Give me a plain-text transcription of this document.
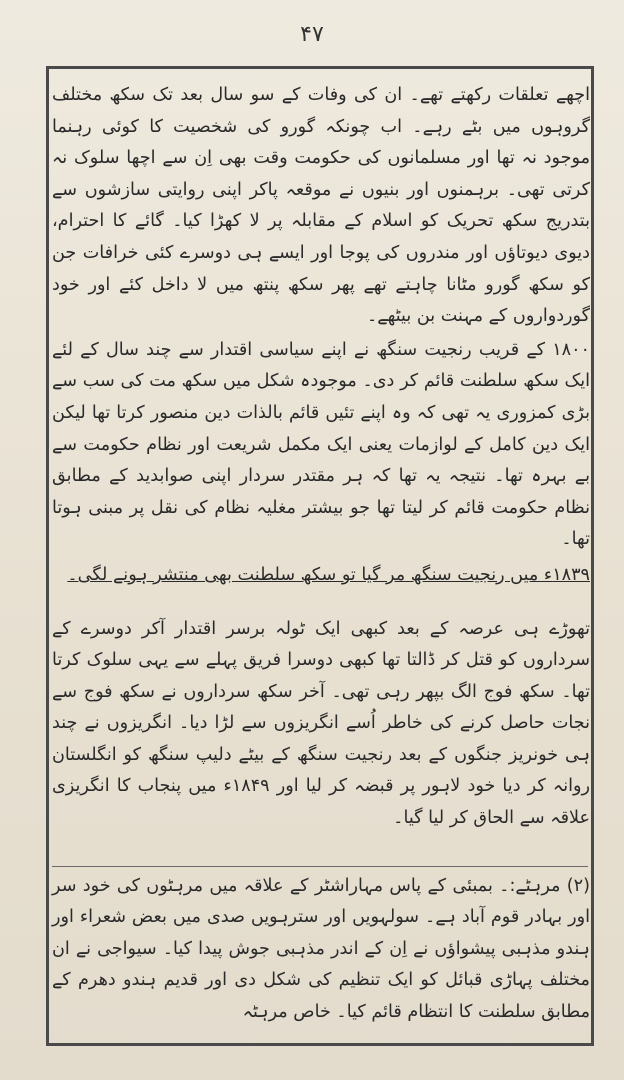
۴۷

اچھے تعلقات رکھتے تھے۔ ان کی وفات کے سو سال بعد تک سکھ مختلف گروہوں میں بٹے رہے۔ اب چونکہ گورو کی شخصیت کا کوئی رہنما موجود نہ تھا اور مسلمانوں کی حکومت وقت بھی اِن سے اچھا سلوک نہ کرتی تھی۔ برہمنوں اور بنیوں نے موقعہ پاکر اپنی روایتی سازشوں سے بتدریج سکھ تحریک کو اسلام کے مقابلہ پر لا کھڑا کیا۔ گائے کا احترام، دیوی دیوتاؤں اور مندروں کی پوجا اور ایسے ہی دوسرے کئی خرافات جن کو سکھ گورو مٹانا چاہتے تھے پھر سکھ پنتھ میں لا داخل کئے اور خود گوردواروں کے مہنت بن بیٹھے۔

۱۸۰۰ کے قریب رنجیت سنگھ نے اپنے سیاسی اقتدار سے چند سال کے لئے ایک سکھ سلطنت قائم کر دی۔ موجودہ شکل میں سکھ مت کی سب سے بڑی کمزوری یہ تھی کہ وہ اپنے تئیں قائم بالذات دین منصور کرتا تھا لیکن ایک دین کامل کے لوازمات یعنی ایک مکمل شریعت اور نظام حکومت سے بے بہرہ تھا۔ نتیجہ یہ تھا کہ ہر مقتدر سردار اپنی صوابدید کے مطابق نظام حکومت قائم کر لیتا تھا جو بیشتر مغلیہ نظام کی نقل پر مبنی ہوتا تھا۔

۱۸۳۹ء میں رنجیت سنگھ مر گیا تو سکھ سلطنت بھی منتشر ہونے لگی۔

تھوڑے ہی عرصہ کے بعد کبھی ایک ٹولہ برسر اقتدار آکر دوسرے کے سرداروں کو قتل کر ڈالتا تھا کبھی دوسرا فریق پہلے سے یہی سلوک کرتا تھا۔ سکھ فوج الگ بپھر رہی تھی۔ آخر سکھ سرداروں نے سکھ فوج سے نجات حاصل کرنے کی خاطر اُسے انگریزوں سے لڑا دیا۔ انگریزوں نے چند ہی خونریز جنگوں کے بعد رنجیت سنگھ کے بیٹے دلیپ سنگھ کو انگلستان روانہ کر دیا خود لاہور پر قبضہ کر لیا اور ۱۸۴۹ء میں پنجاب کا انگریزی علاقہ سے الحاق کر لیا گیا۔

(۲) مرہٹے:۔ بمبئی کے پاس مہاراشٹر کے علاقہ میں مرہٹوں کی خود سر اور بہادر قوم آباد ہے۔ سولہویں اور سترہویں صدی میں بعض شعراء اور ہندو مذہبی پیشواؤں نے اِن کے اندر مذہبی جوش پیدا کیا۔ سیواجی نے ان مختلف پہاڑی قبائل کو ایک تنظیم کی شکل دی اور قدیم ہندو دھرم کے مطابق سلطنت کا انتظام قائم کیا۔ خاص مرہٹہ
